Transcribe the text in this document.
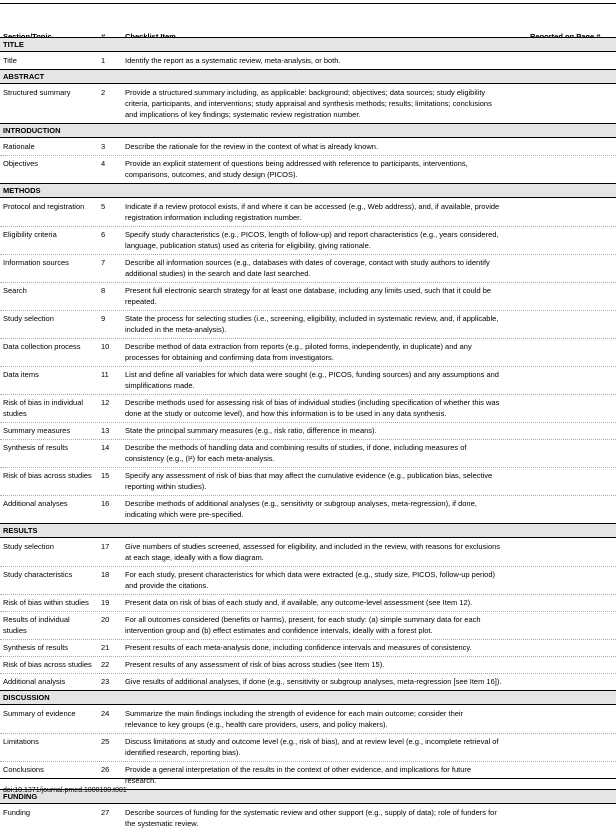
TITLE
Title	1	Identify the report as a systematic review, meta-analysis, or both.
ABSTRACT
Structured summary	2	Provide a structured summary including, as applicable: background; objectives; data sources; study eligibility
criteria, participants, and interventions; study appraisal and synthesis methods; results; limitations; conclusions
and implications of key findings; systematic review registration number.
INTRODUCTION
Rationale	3	Describe the rationale for the review in the context of what is already known.
Objectives	4	Provide an explicit statement of questions being addressed with reference to participants, interventions,
comparisons, outcomes, and study design (PICOS).
METHODS
Protocol and registration	5	Indicate if a review protocol exists, if and where it can be accessed (e.g., Web address), and, if available, provide
registration information including registration number.
Eligibility criteria	6	Specify study characteristics (e.g., PICOS, length of follow-up) and report characteristics (e.g., years considered,
language, publication status) used as criteria for eligibility, giving rationale.
Information sources	7	Describe all information sources (e.g., databases with dates of coverage, contact with study authors to identify
additional studies) in the search and date last searched.
Search	8	Present full electronic search strategy for at least one database, including any limits used, such that it could be
repeated.
Study selection	9	State the process for selecting studies (i.e., screening, eligibility, included in systematic review, and, if applicable,
included in the meta-analysis).
Data collection process	10	Describe method of data extraction from reports (e.g., piloted forms, independently, in duplicate) and any
processes for obtaining and confirming data from investigators.
Data items	11	List and define all variables for which data were sought (e.g., PICOS, funding sources) and any assumptions and
simplifications made.
Risk of bias in individual
studies
12	Describe methods used for assessing risk of bias of individual studies (including specification of whether this was
done at the study or outcome level), and how this information is to be used in any data synthesis.
Summary measures	13	State the principal summary measures (e.g., risk ratio, difference in means).
Synthesis of results	14	Describe the methods of handling data and combining results of studies, if done, including measures of
consistency (e.g., (I²) for each meta-analysis.
Risk of bias across studies	15	Specify any assessment of risk of bias that may affect the cumulative evidence (e.g., publication bias, selective
reporting within studies).
Additional analyses	16	Describe methods of additional analyses (e.g., sensitivity or subgroup analyses, meta-regression), if done,
indicating which were pre-specified.
RESULTS
Study selection	17	Give numbers of studies screened, assessed for eligibility, and included in the review, with reasons for exclusions
at each stage, ideally with a flow diagram.
Study characteristics	18	For each study, present characteristics for which data were extracted (e.g., study size, PICOS, follow-up period)
and provide the citations.
Risk of bias within studies	19	Present data on risk of bias of each study and, if available, any outcome-level assessment (see Item 12).
Results of individual
studies
20	For all outcomes considered (benefits or harms), present, for each study: (a) simple summary data for each
intervention group and (b) effect estimates and confidence intervals, ideally with a forest plot.
Synthesis of results	21	Present results of each meta-analysis done, including confidence intervals and measures of consistency.
Risk of bias across studies	22	Present results of any assessment of risk of bias across studies (see Item 15).
Additional analysis	23	Give results of additional analyses, if done (e.g., sensitivity or subgroup analyses, meta-regression [see Item 16]).
DISCUSSION
Summary of evidence	24	Summarize the main findings including the strength of evidence for each main outcome; consider their
relevance to key groups (e.g., health care providers, users, and policy makers).
Limitations	25	Discuss limitations at study and outcome level (e.g., risk of bias), and at review level (e.g., incomplete retrieval of
identified research, reporting bias).
Conclusions	26	Provide a general interpretation of the results in the context of other evidence, and implications for future
research.
FUNDING
Funding	27	Describe sources of funding for the systematic review and other support (e.g., supply of data); role of funders for
the systematic review.
doi:10.1371/journal.pmed.1000100.t001
